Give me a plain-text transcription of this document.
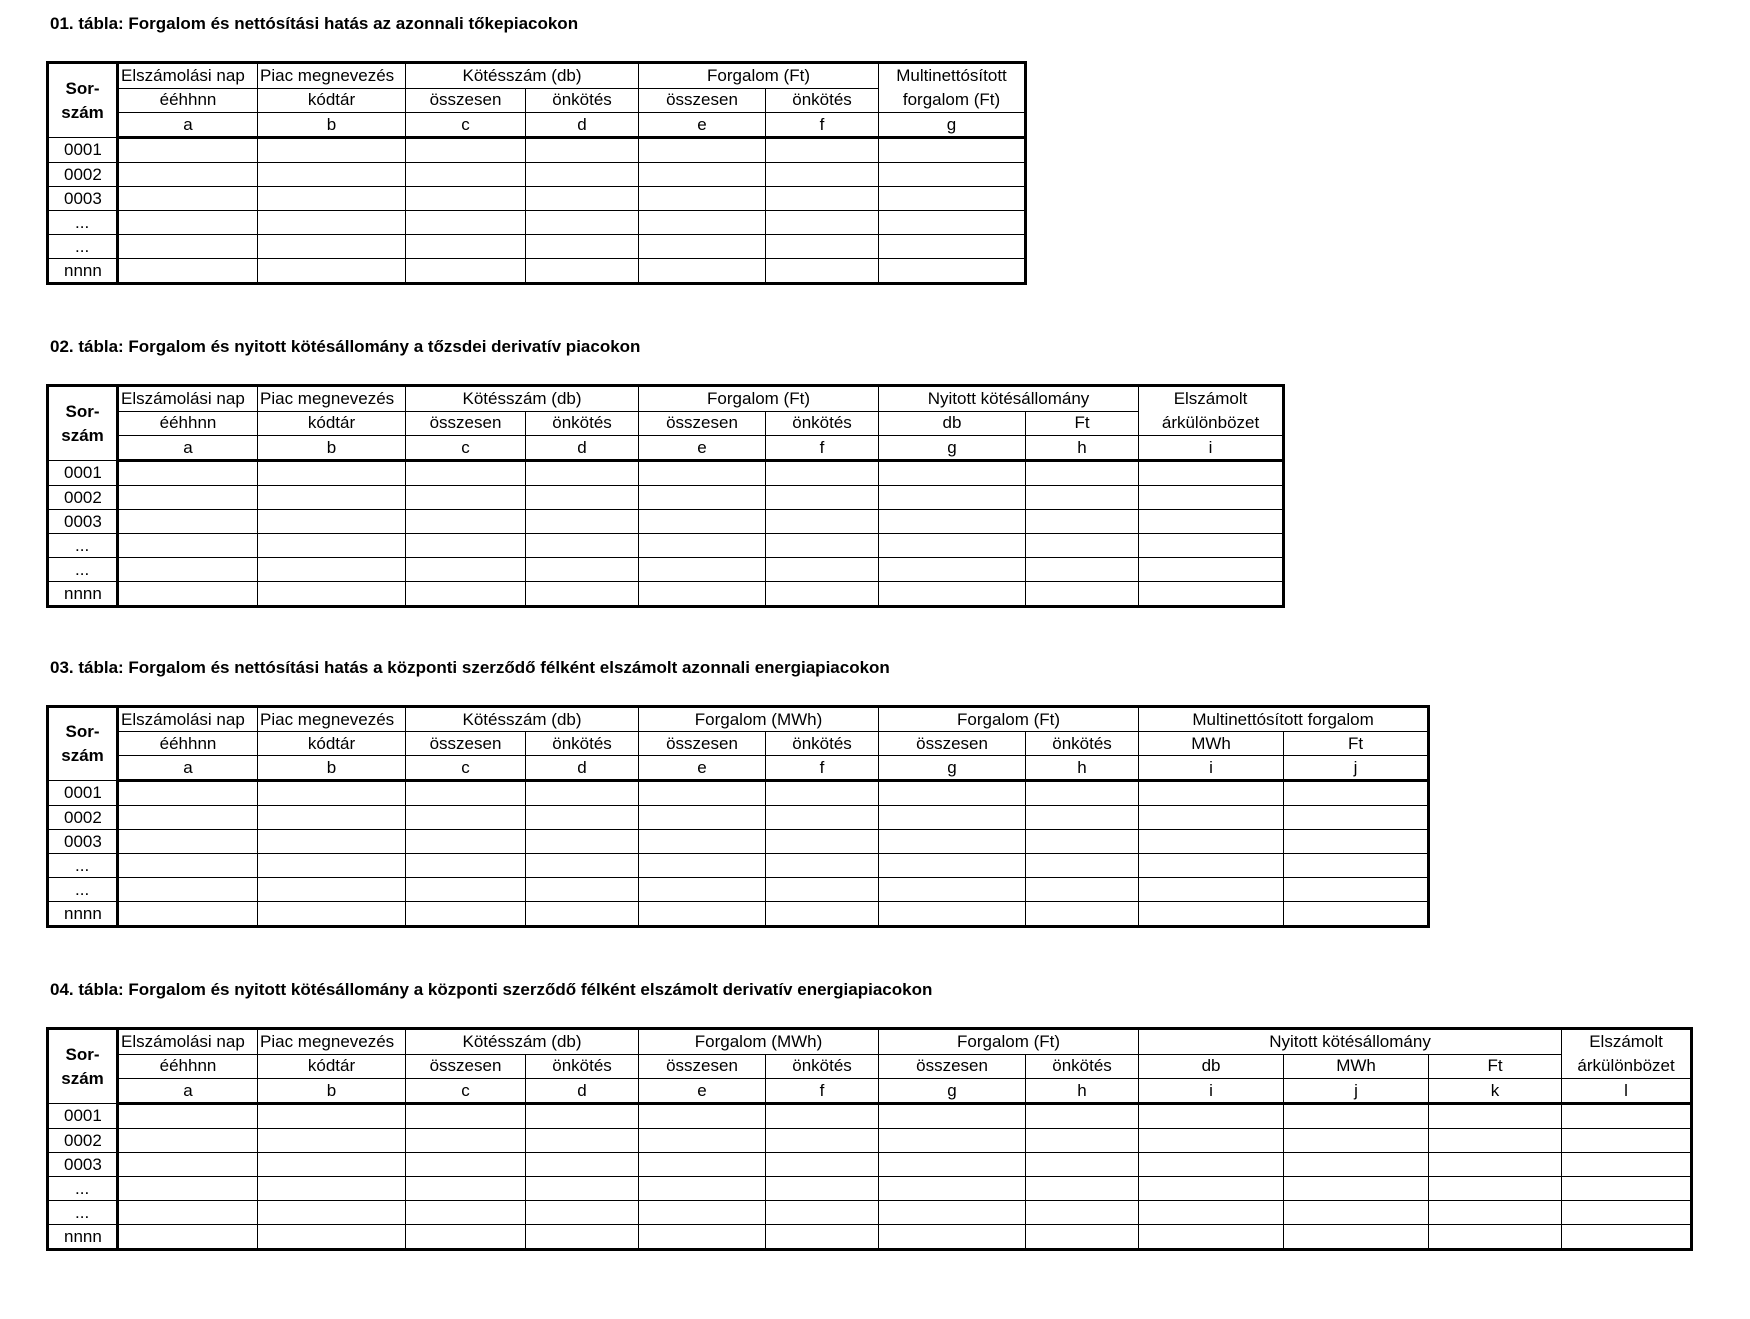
01. tábla: Forgalom és nettósítási hatás az azonnali tőkepiacokon
Sor- szám	Elszámolási nap	Piac megnevezés	Kötésszám (db)		Forgalom (Ft)		Multinettósított forgalom (Ft)
	ééhhnn	kódtár	összesen	önkötés	összesen	önkötés	
	a	b	c	d	e	f	g
0001							
0002							
0003							
...							
...							
nnnn							
02. tábla: Forgalom és nyitott kötésállomány a tőzsdei derivatív piacokon
Sor- szám	Elszámolási nap	Piac megnevezés	Kötésszám (db)		Forgalom (Ft)		Nyitott kötésállomány		Elszámolt árkülönbözet
	ééhhnn	kódtár	összesen	önkötés	összesen	önkötés	db	Ft	
	a	b	c	d	e	f	g	h	i
0001									
0002									
0003									
...									
...									
nnnn									
03. tábla: Forgalom és nettósítási hatás a központi szerződő félként elszámolt azonnali energiapiacokon
Sor- szám	Elszámolási nap	Piac megnevezés	Kötésszám (db)		Forgalom (MWh)		Forgalom (Ft)		Multinettósított forgalom	
	ééhhnn	kódtár	összesen	önkötés	összesen	önkötés	összesen	önkötés	MWh	Ft
	a	b	c	d	e	f	g	h	i	j
0001										
0002										
0003										
...										
...										
nnnn										
04. tábla: Forgalom és nyitott kötésállomány a központi szerződő félként elszámolt derivatív energiapiacokon
Sor- szám	Elszámolási nap	Piac megnevezés	Kötésszám (db)		Forgalom (MWh)		Forgalom (Ft)		Nyitott kötésállomány			Elszámolt árkülönbözet
	ééhhnn	kódtár	összesen	önkötés	összesen	önkötés	összesen	önkötés	db	MWh	Ft	
	a	b	c	d	e	f	g	h	i	j	k	l
0001												
0002												
0003												
...												
...												
nnnn												
